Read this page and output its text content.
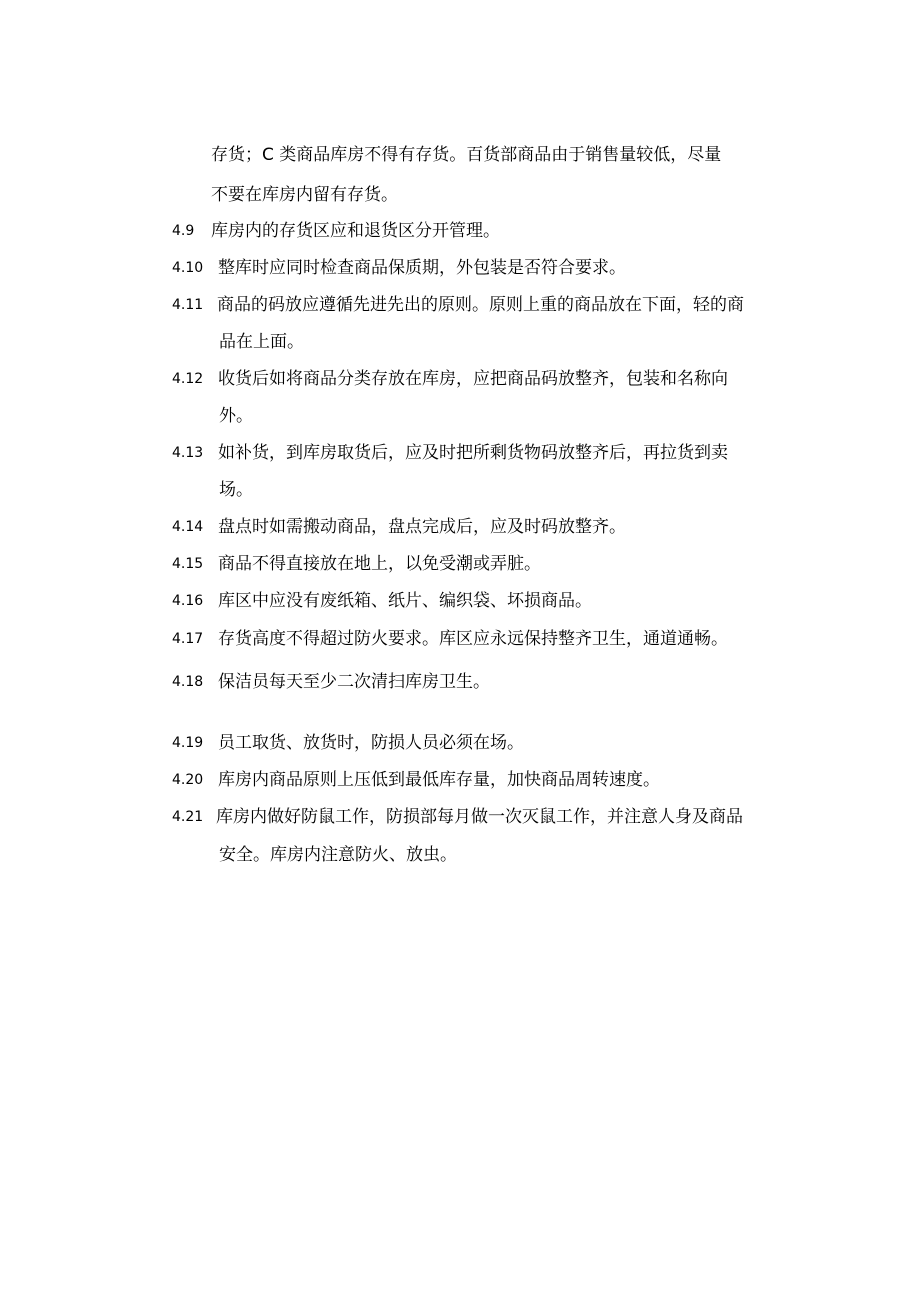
存货；C 类商品库房不得有存货。百货部商品由于销售量较低，尽量
不要在库房内留有存货。
4.9 库房内的存货区应和退货区分开管理。
4.10 整库时应同时检查商品保质期，外包装是否符合要求。
4.11 商品的码放应遵循先进先出的原则。原则上重的商品放在下面，轻的商
品在上面。
4.12 收货后如将商品分类存放在库房，应把商品码放整齐，包装和名称向
外。
4.13 如补货，到库房取货后，应及时把所剩货物码放整齐后，再拉货到卖
场。
4.14 盘点时如需搬动商品，盘点完成后，应及时码放整齐。
4.15 商品不得直接放在地上，以免受潮或弄脏。
4.16 库区中应没有废纸箱、纸片、编织袋、坏损商品。
4.17 存货高度不得超过防火要求。库区应永远保持整齐卫生，通道通畅。
4.18 保洁员每天至少二次清扫库房卫生。
4.19 员工取货、放货时，防损人员必须在场。
4.20 库房内商品原则上压低到最低库存量，加快商品周转速度。
4.21 库房内做好防鼠工作，防损部每月做一次灭鼠工作，并注意人身及商品
安全。库房内注意防火、放虫。
